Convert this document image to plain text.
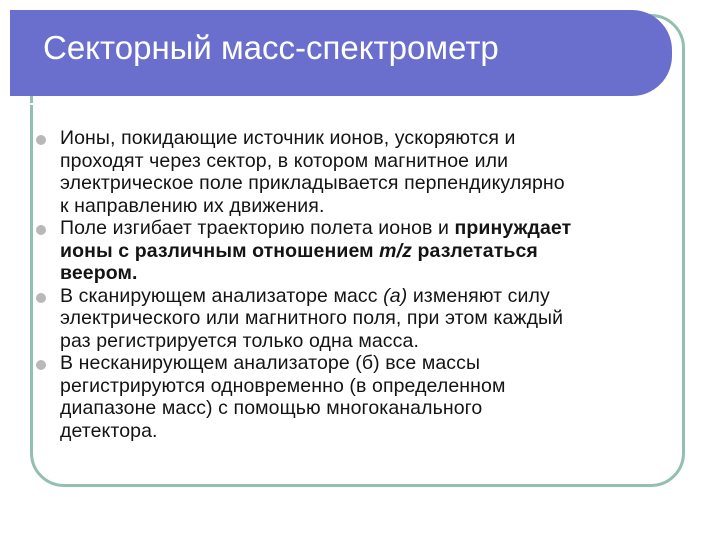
Секторный масс-спектрометр
Ионы, покидающие источник ионов, ускоряются и
проходят через сектор, в котором магнитное или
электрическое поле прикладывается перпендикулярно
к направлению их движения.
Поле изгибает траекторию полета ионов и принуждает
ионы с различным отношением m/z разлетаться
веером.
В сканирующем анализаторе масс (а) изменяют силу
электрического или магнитного поля, при этом каждый
раз регистрируется только одна масса.
В несканирующем анализаторе (б) все массы
регистрируются одновременно (в определенном
диапазоне масс) с помощью многоканального
детектора.
